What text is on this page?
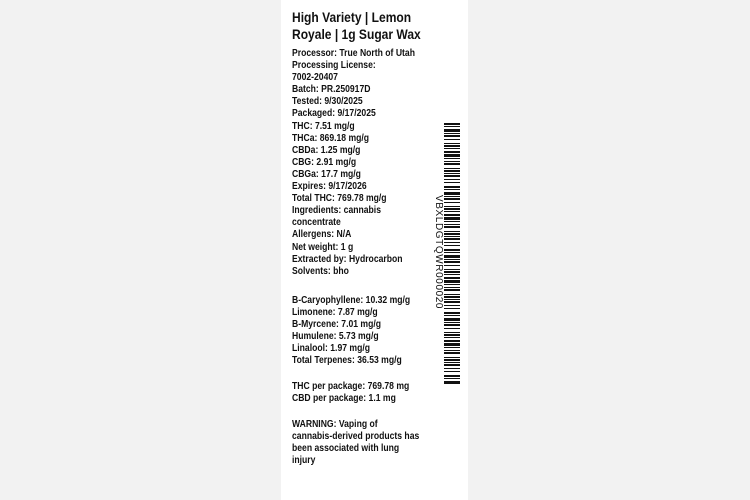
High Variety | Lemon
Royale | 1g Sugar Wax
Processor: True North of Utah
Processing License:
7002-20407
Batch: PR.250917D
Tested: 9/30/2025
Packaged: 9/17/2025
THC: 7.51 mg/g
THCa: 869.18 mg/g
CBDa: 1.25 mg/g
CBG: 2.91 mg/g
CBGa: 17.7 mg/g
Expires: 9/17/2026
Total THC: 769.78 mg/g
Ingredients: cannabis
concentrate
Allergens: N/A
Net weight: 1 g
Extracted by: Hydrocarbon
Solvents: bho
B-Caryophyllene: 10.32 mg/g
Limonene: 7.87 mg/g
B-Myrcene: 7.01 mg/g
Humulene: 5.73 mg/g
Linalool: 1.97 mg/g
Total Terpenes: 36.53 mg/g
THC per package: 769.78 mg
CBD per package: 1.1 mg
WARNING: Vaping of
cannabis-derived products has
been associated with lung
injury
VBXLDGTQWR000020
